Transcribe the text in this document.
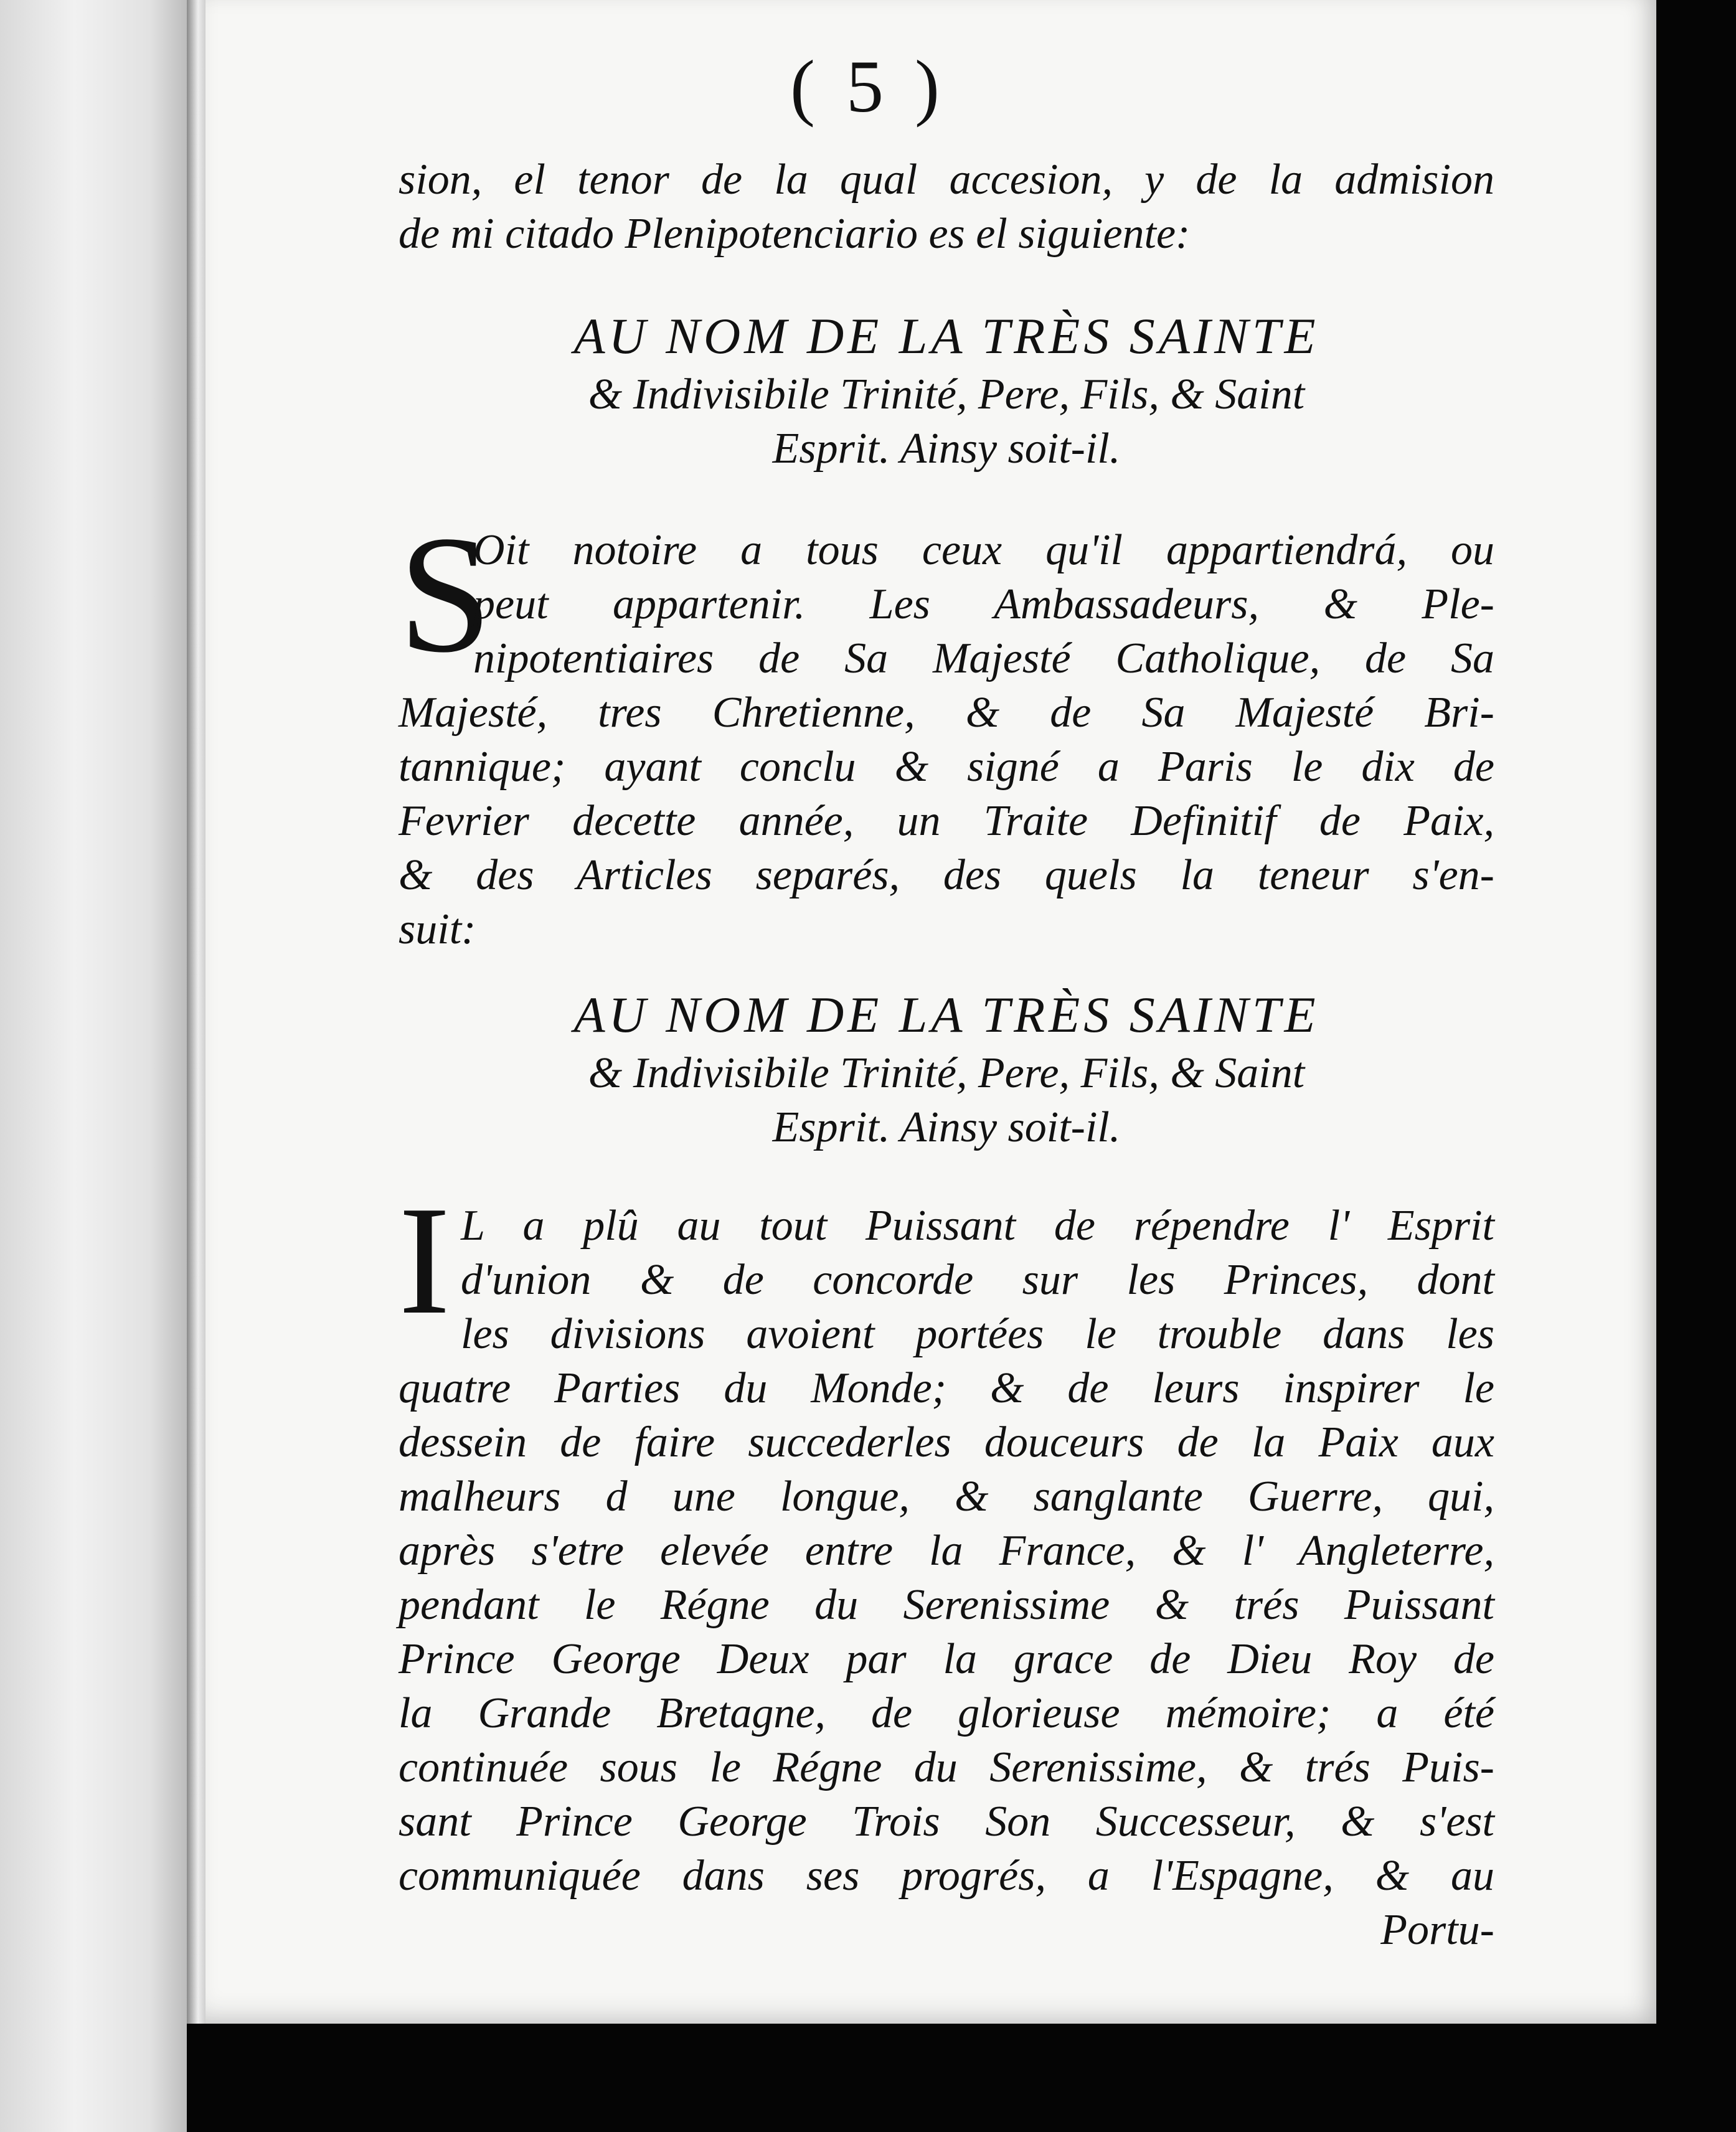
( 5 )
sion, el tenor de la qual accesion, y de la admision
de mi citado Plenipotenciario es el siguiente:
AU NOM DE LA TRÈS SAINTE
& Indivisibile Trinité, Pere, Fils, & Saint
Esprit. Ainsy soit-il.
S
Oit notoire a tous ceux qu'il appartiendrá, ou
peut appartenir. Les Ambassadeurs, & Ple-
nipotentiaires de Sa Majesté Catholique, de Sa
Majesté, tres Chretienne, & de Sa Majesté Bri-
tannique; ayant conclu & signé a Paris le dix de
Fevrier decette année, un Traite Definitif de Paix,
& des Articles separés, des quels la teneur s'en-
suit:
AU NOM DE LA TRÈS SAINTE
& Indivisibile Trinité, Pere, Fils, & Saint
Esprit. Ainsy soit-il.
I L a plû au tout Puissant de répendre l' Esprit
d'union & de concorde sur les Princes, dont
les divisions avoient portées le trouble dans les
quatre Parties du Monde; & de leurs inspirer le
dessein de faire succederles douceurs de la Paix aux
malheurs d une longue, & sanglante Guerre, qui,
après s'etre elevée entre la France, & l' Angleterre,
pendant le Régne du Serenissime & trés Puissant
Prince George Deux par la grace de Dieu Roy de
la Grande Bretagne, de glorieuse mémoire; a été
continuée sous le Régne du Serenissime, & trés Puis-
sant Prince George Trois Son Successeur, & s'est
communiquée dans ses progrés, a l'Espagne, & au
Portu-
